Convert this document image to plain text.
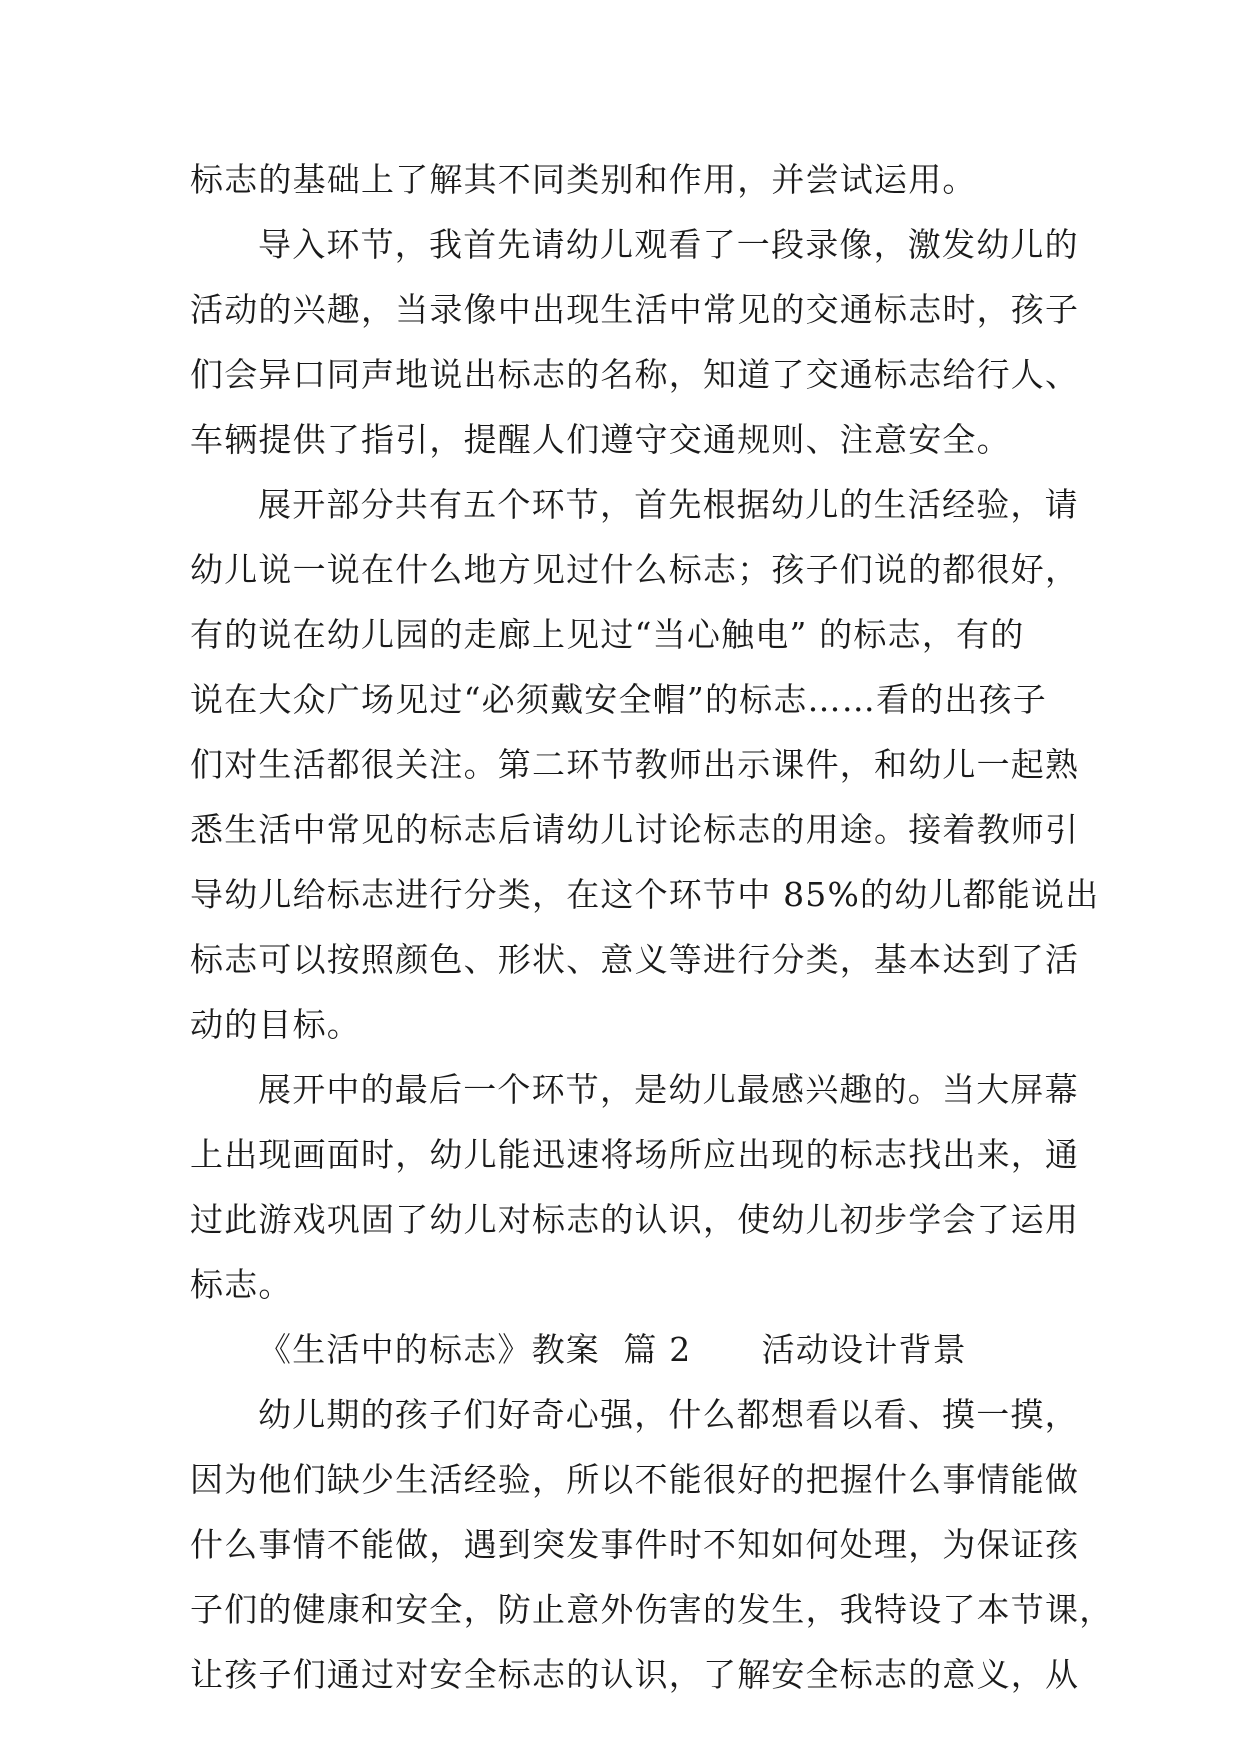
标志的基础上了解其不同类别和作用，并尝试运用。
导入环节，我首先请幼儿观看了一段录像，激发幼儿的
活动的兴趣，当录像中出现生活中常见的交通标志时，孩子
们会异口同声地说出标志的名称，知道了交通标志给行人、
车辆提供了指引，提醒人们遵守交通规则、注意安全。
展开部分共有五个环节，首先根据幼儿的生活经验，请
幼儿说一说在什么地方见过什么标志；孩子们说的都很好，
有的说在幼儿园的走廊上见过“当心触电” 的标志，有的
说在大众广场见过“必须戴安全帽”的标志……看的出孩子
们对生活都很关注。第二环节教师出示课件，和幼儿一起熟
悉生活中常见的标志后请幼儿讨论标志的用途。接着教师引
导幼儿给标志进行分类，在这个环节中 85%的幼儿都能说出
标志可以按照颜色、形状、意义等进行分类，基本达到了活
动的目标。
展开中的最后一个环节，是幼儿最感兴趣的。当大屏幕
上出现画面时，幼儿能迅速将场所应出现的标志找出来，通
过此游戏巩固了幼儿对标志的认识，使幼儿初步学会了运用
标志。
《生活中的标志》教案  篇 2      活动设计背景
幼儿期的孩子们好奇心强，什么都想看以看、摸一摸，
因为他们缺少生活经验，所以不能很好的把握什么事情能做
什么事情不能做，遇到突发事件时不知如何处理，为保证孩
子们的健康和安全，防止意外伤害的发生，我特设了本节课，
让孩子们通过对安全标志的认识，了解安全标志的意义，从
